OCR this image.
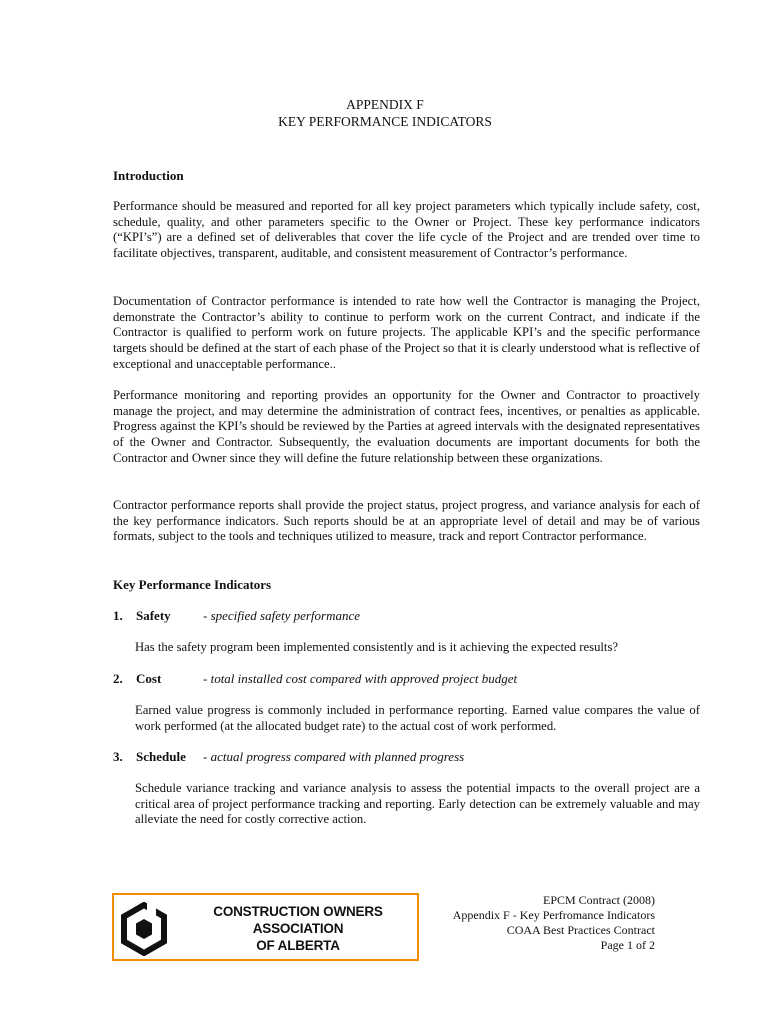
APPENDIX F
KEY PERFORMANCE INDICATORS
Introduction

Performance should be measured and reported for all key project parameters which typically include safety, cost, schedule, quality, and other parameters specific to the Owner or Project. These key performance indicators (“KPI’s”) are a defined set of deliverables that cover the life cycle of the Project and are trended over time to facilitate objectives, transparent, auditable, and consistent measurement of Contractor’s performance.

Documentation of Contractor performance is intended to rate how well the Contractor is managing the Project, demonstrate the Contractor’s ability to continue to perform work on the current Contract, and indicate if the Contractor is qualified to perform work on future projects. The applicable KPI’s and the specific performance targets should be defined at the start of each phase of the Project so that it is clearly understood what is reflective of exceptional and unacceptable performance..

Performance monitoring and reporting provides an opportunity for the Owner and Contractor to proactively manage the project, and may determine the administration of contract fees, incentives, or penalties as applicable. Progress against the KPI’s should be reviewed by the Parties at agreed intervals with the designated representatives of the Owner and Contractor. Subsequently, the evaluation documents are important documents for both the Contractor and Owner since they will define the future relationship between these organizations.

Contractor performance reports shall provide the project status, project progress, and variance analysis for each of the key performance indicators. Such reports should be at an appropriate level of detail and may be of various formats, subject to the tools and techniques utilized to measure, track and report Contractor performance.

Key Performance Indicators
1. Safety - specified safety performance

Has the safety program been implemented consistently and is it achieving the expected results?

2. Cost	- total installed cost compared with approved project budget

Earned value progress is commonly included in performance reporting. Earned value compares the value of work performed (at the allocated budget rate) to the actual cost of work performed.

3. Schedule - actual progress compared with planned progress

Schedule variance tracking and variance analysis to assess the potential impacts to the overall project are a critical area of project performance tracking and reporting. Early detection can be extremely valuable and may alleviate the need for costly corrective action.

CONSTRUCTION OWNERS ASSOCIATION
OF ALBERTA
EPCM Contract (2008)
Appendix F - Key Perfromance Indicators
COAA Best Practices Contract
Page 1 of 2
